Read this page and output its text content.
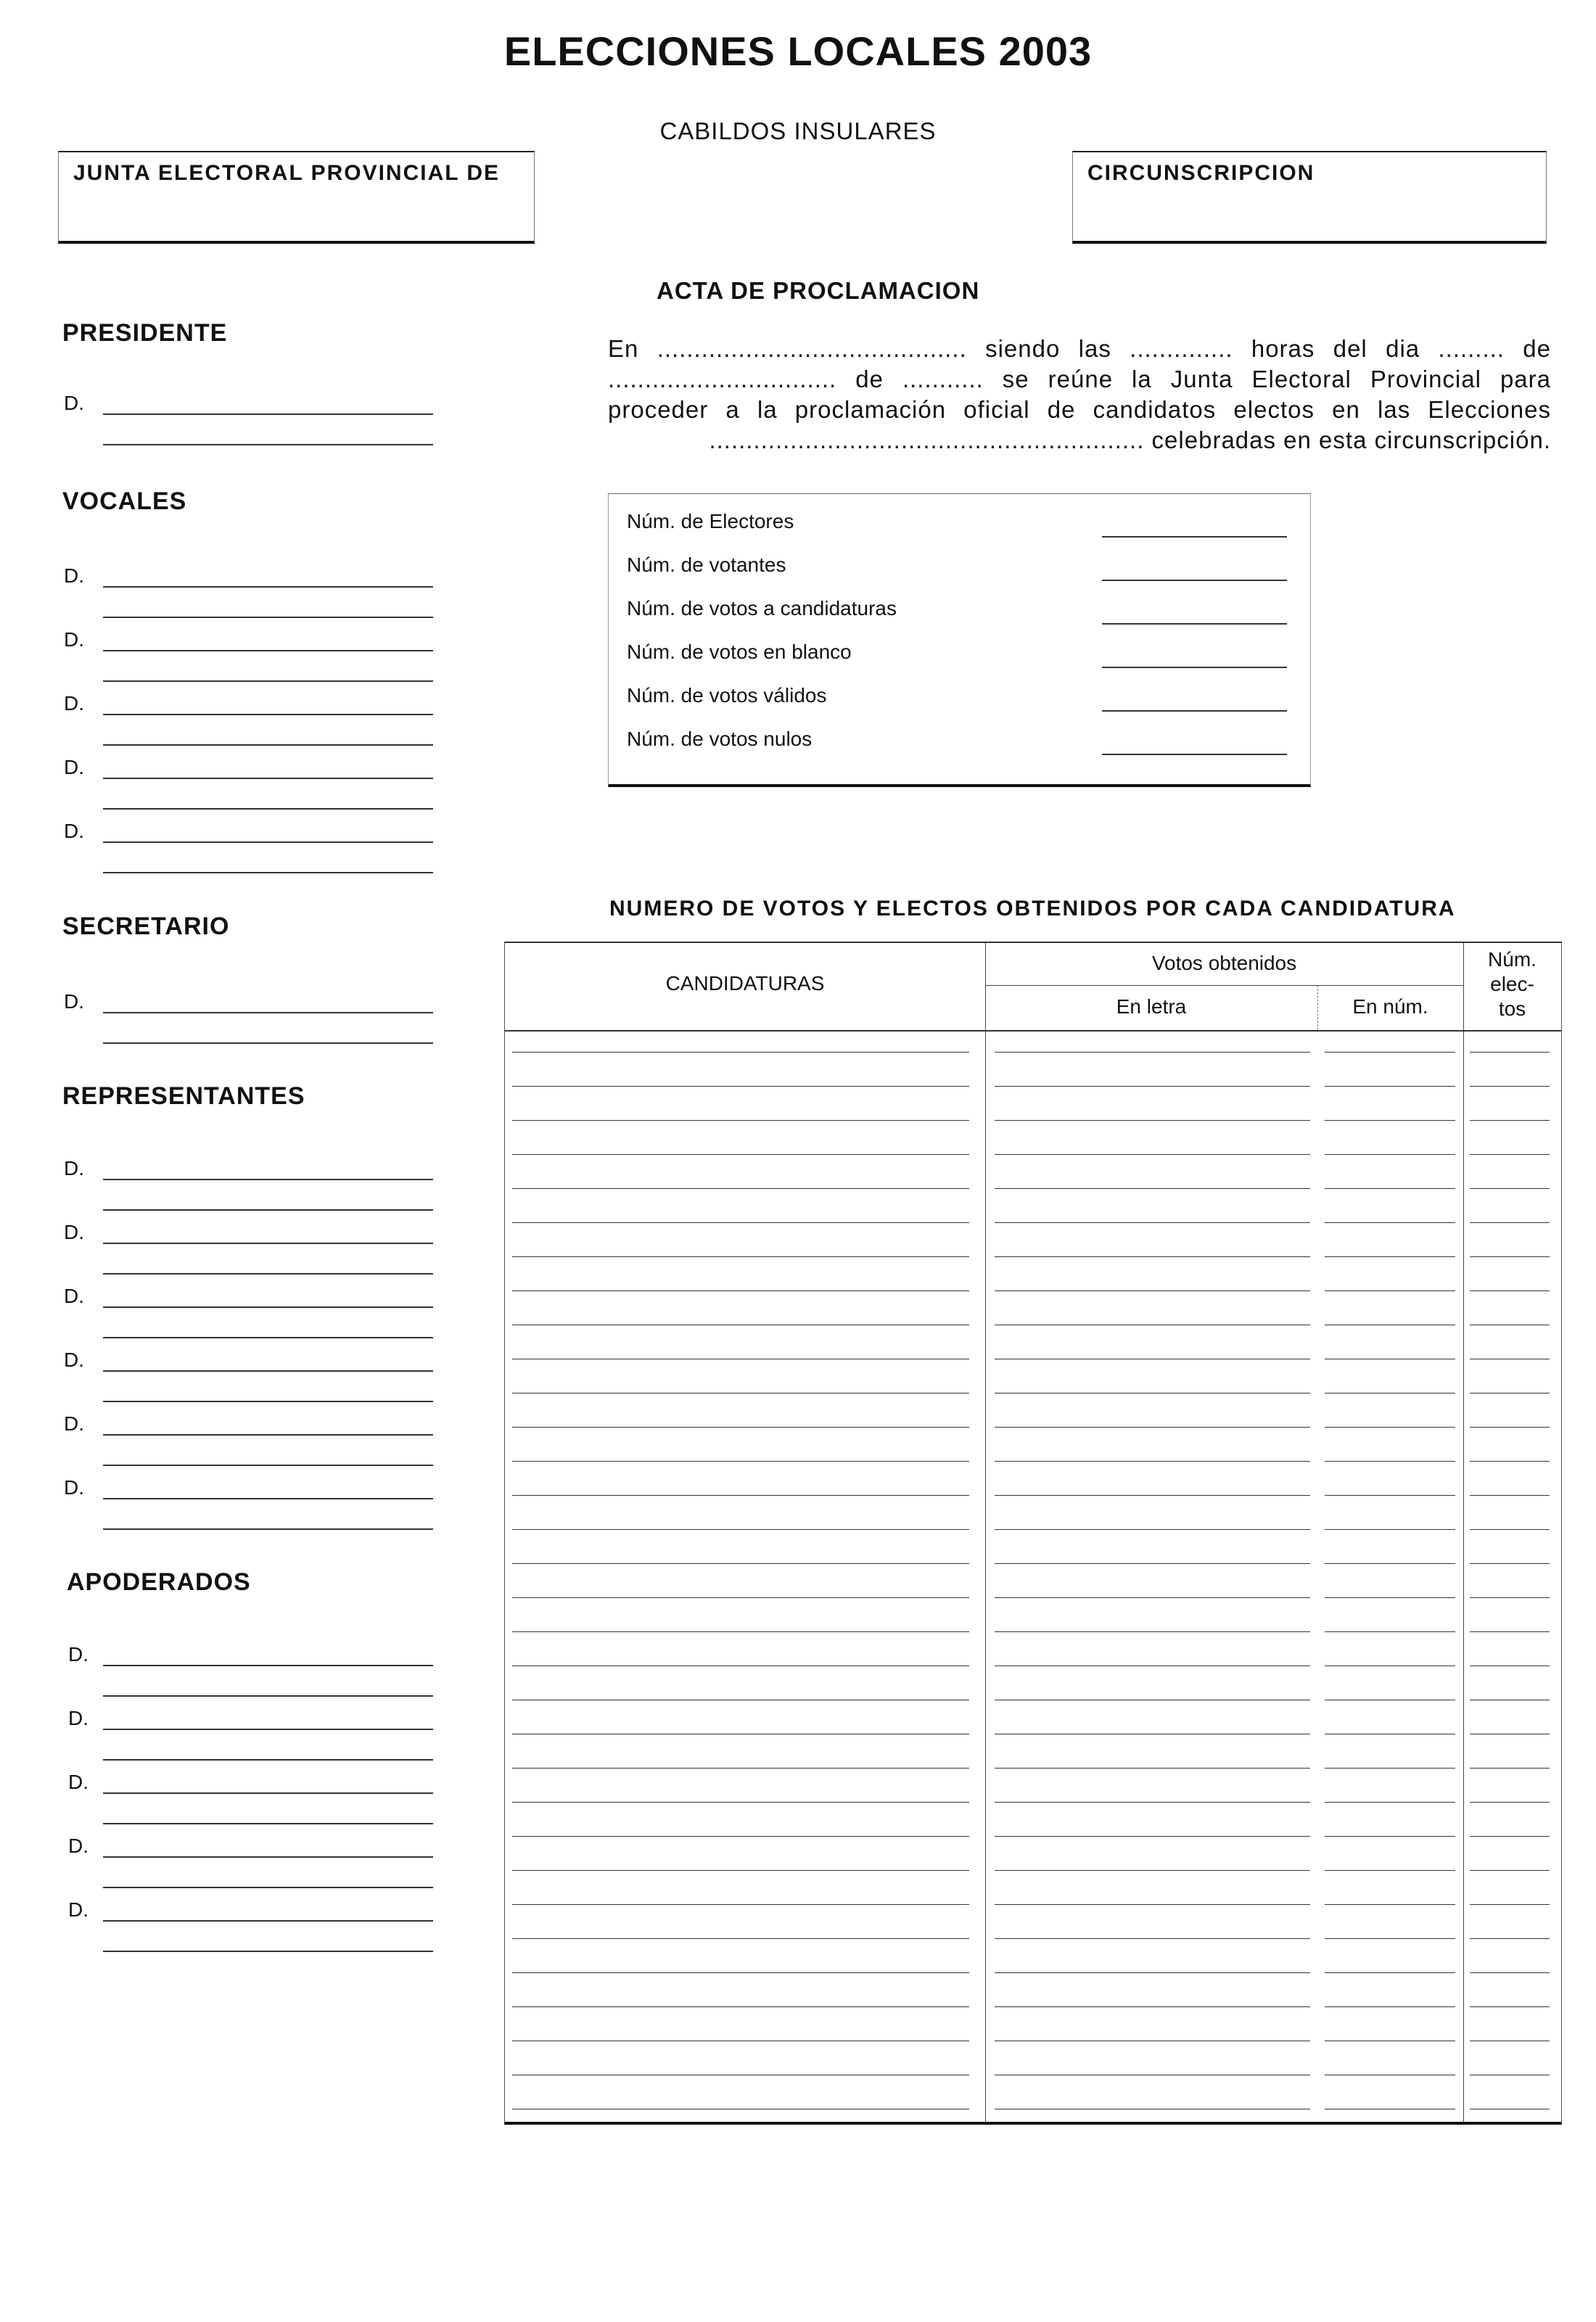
ELECCIONES LOCALES 2003
CABILDOS INSULARES
JUNTA ELECTORAL PROVINCIAL DE	CIRCUNSCRIPCION
PRESIDENTE
D.
VOCALES
D.
D.
D.
D.
D.
SECRETARIO
D.
REPRESENTANTES
D.
D.
D.
D.
D.
D.
APODERADOS
D.
D.
D.
D.
D.
ACTA DE PROCLAMACION

En .......................................... siendo las .............. horas del dia ......... de

............................... de ........... se reúne la Junta Electoral Provincial para

proceder a la proclamación oficial de candidatos electos en las Elecciones

........................................................... celebradas en esta circunscripción.

Núm. de Electores
Núm. de votantes
Núm. de votos a candidaturas
Núm. de votos en blanco
Núm. de votos válidos
Núm. de votos nulos
NUMERO DE VOTOS Y ELECTOS OBTENIDOS POR CADA CANDIDATURA
CANDIDATURAS
Votos obtenidos
En letra	En núm.
Núm.
elec-
tos
